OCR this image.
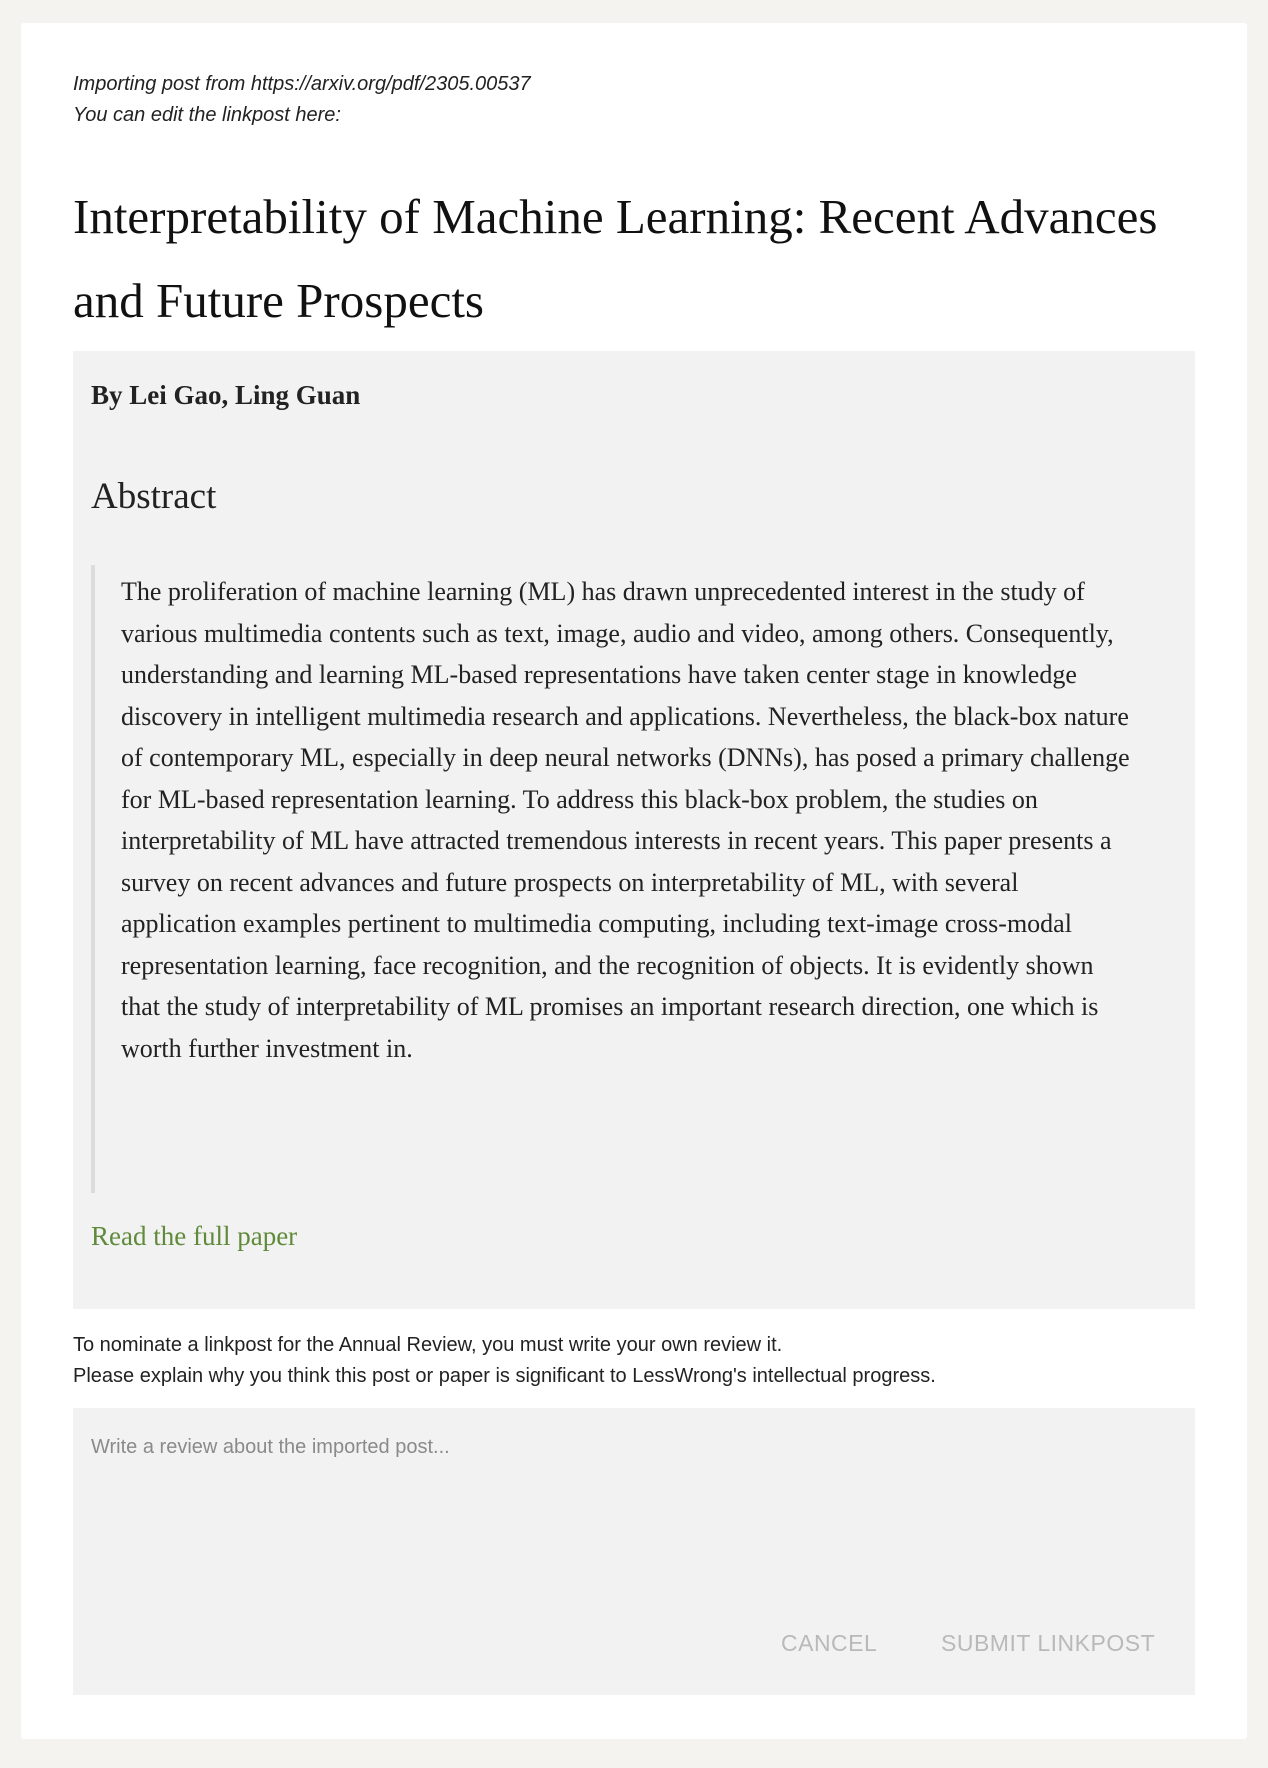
Importing post from https://arxiv.org/pdf/2305.00537
You can edit the linkpost here:
Interpretability of Machine Learning: Recent Advances and Future Prospects
By Lei Gao, Ling Guan
Abstract

The proliferation of machine learning (ML) has drawn unprecedented interest in the study of various multimedia contents such as text, image, audio and video, among others. Consequently, understanding and learning ML-based representations have taken center stage in knowledge discovery in intelligent multimedia research and applications. Nevertheless, the black-box nature of contemporary ML, especially in deep neural networks (DNNs), has posed a primary challenge for ML-based representation learning. To address this black-box problem, the studies on interpretability of ML have attracted tremendous interests in recent years. This paper presents a survey on recent advances and future prospects on interpretability of ML, with several application examples pertinent to multimedia computing, including text-image cross-modal representation learning, face recognition, and the recognition of objects. It is evidently shown that the study of interpretability of ML promises an important research direction, one which is worth further investment in.

Read the full paper
To nominate a linkpost for the Annual Review, you must write your own review it.
Please explain why you think this post or paper is significant to LessWrong's intellectual progress.
Write a review about the imported post...
CANCEL	SUBMIT LINKPOST
